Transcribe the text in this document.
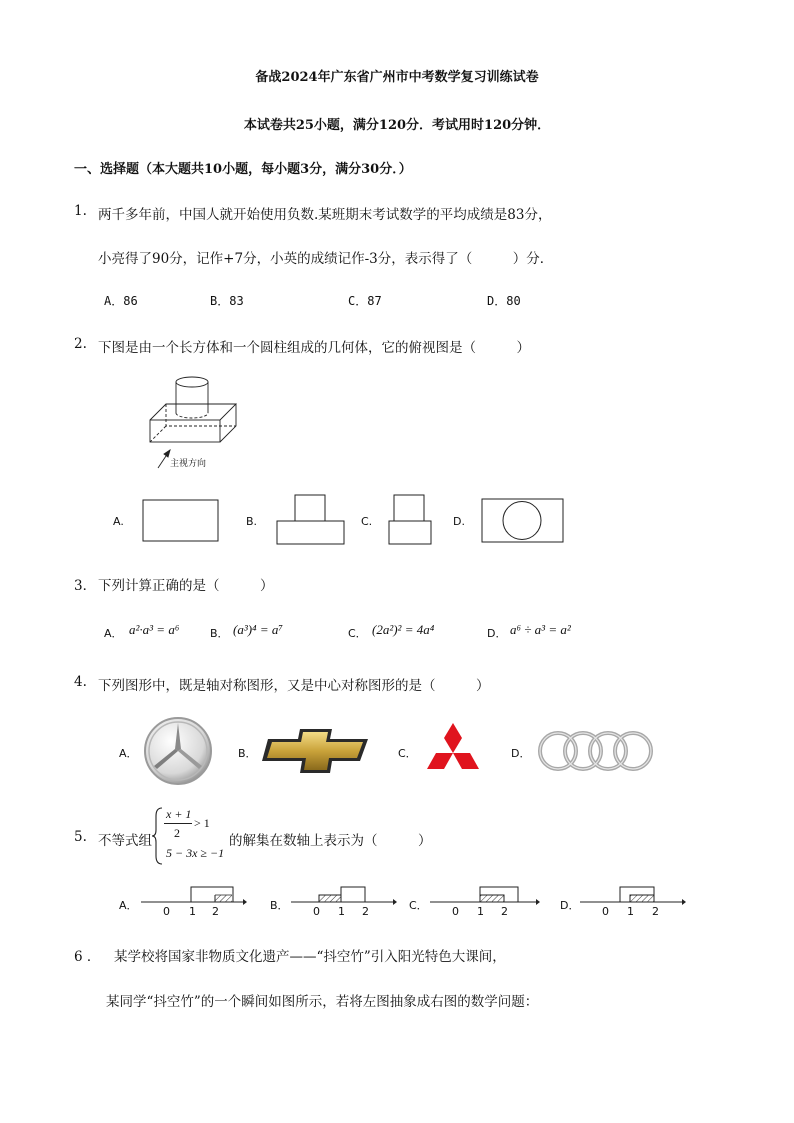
备战2024年广东省广州市中考数学复习训练试卷
本试卷共25小题，满分120分．考试用时120分钟．
一、选择题（本大题共10小题，每小题3分，满分30分．）
1. 两千多年前，中国人就开始使用负数.某班期末考试数学的平均成绩是83分，
小亮得了90分，记作+7分，小英的成绩记作-3分，表示得了（　　　）分．
A．86	B．83	C．87	D．80
2. 下图是由一个长方体和一个圆柱组成的几何体，它的俯视图是（　　　）
主视方向
A.	B.	C.	D.
3． 下列计算正确的是（　　　）
A． a²·a³ = a⁶	B． (a³)⁴ = a⁷	C． (2a²)² = 4a⁴	D． a⁶ ÷ a³ = a²
4. 下列图形中，既是轴对称图形，又是中心对称图形的是（　　　）
A．	B．	C．	D．
5. 不等式组
x + 1
2
> 1
5 − 3x ≥ −1
的解集在数轴上表示为（　　　）
A． 0 1 2	B． 0 1 2	C． 0 1 2	D． 0 1 2
6 ． 某学校将国家非物质文化遗产——“抖空竹”引入阳光特色大课间，
某同学“抖空竹”的一个瞬间如图所示，若将左图抽象成右图的数学问题：
